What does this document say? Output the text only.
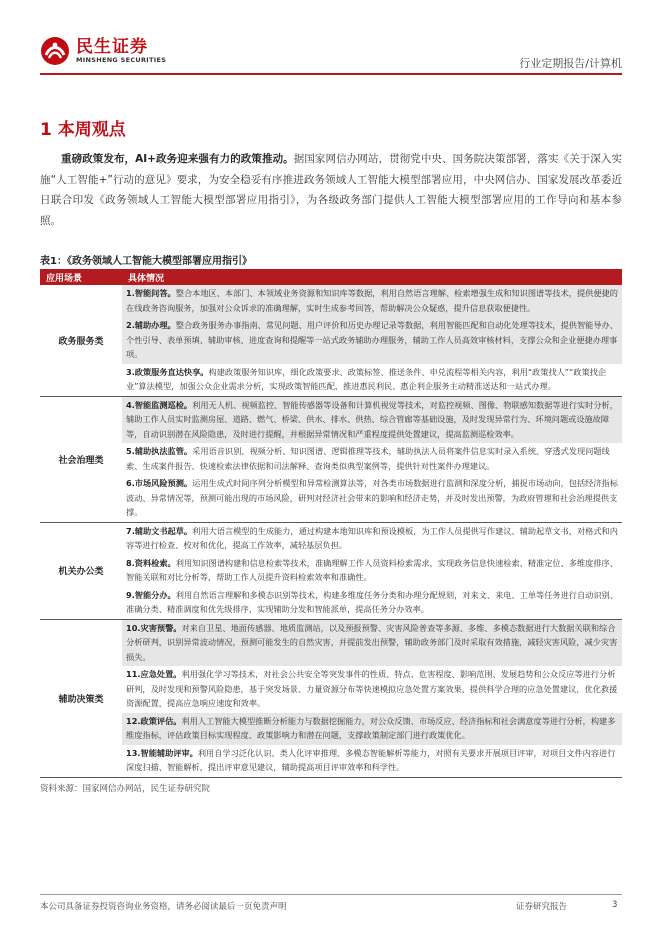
民生证券
MINSHENG SECURITIES	行业定期报告/计算机
1 本周观点
重磅政策发布，AI+政务迎来强有力的政策推动。据国家网信办网站，贯彻党中央、国务院决策部署，落实《关于深入实施“人工智能+”行动的意见》要求，为安全稳妥有序推进政务领域人工智能大模型部署应用，中央网信办、国家发展改革委近日联合印发《政务领域人工智能大模型部署应用指引》，为各级政务部门提供人工智能大模型部署应用的工作导向和基本参照。
表1：《政务领域人工智能大模型部署应用指引》
应用场景	具体情况
政务服务类	1.智能问答。整合本地区、本部门、本领域业务资源和知识库等数据，利用自然语言理解、检索增强生成和知识图谱等技术，提供便捷的在线政务咨询服务，加强对公众诉求的准确理解，实时生成参考回答，帮助解决公众疑惑，提升信息获取便捷性。

	2.辅助办理。整合政务服务办事指南、常见问题、用户评价和历史办理记录等数据，利用智能匹配和自动化处理等技术，提供智能导办、个性引导、表单预填、辅助审核、进度查询和提醒等一站式政务辅助办理服务，辅助工作人员高效审核材料，支撑公众和企业便捷办理事项。

	3.政策服务直达快享。构建政策服务知识库，细化政策要求、政策标签、推送条件、申兑流程等相关内容，利用“政策找人”“政策找企业”算法模型，加强公众企业需求分析，实现政策智能匹配，推进惠民利民、惠企利企服务主动精准送达和一站式办理。

社会治理类	4.智能监测巡检。利用无人机、视频监控、智能传感器等设备和计算机视觉等技术，对监控视频、图像、物联感知数据等进行实时分析，辅助工作人员实时监测房屋、道路、燃气、桥梁、供水、排水、供热、综合管廊等基础设施，及时发现异常行为、环境问题或设施故障等，自动识别潜在风险隐患，及时进行提醒，并根据异常情况和严重程度提供处置建议，提高监测巡检效率。

	5.辅助执法监管。采用语音识别、视频分析、知识图谱、逻辑推理等技术，辅助执法人员将案件信息实时录入系统、穿透式发现问题线索、生成案件报告、快速检索法律依据和司法解释、查询类似典型案例等，提供针对性案件办理建议。

	6.市场风险预测。运用生成式时间序列分析模型和异常检测算法等，对各类市场数据进行监测和深度分析，捕捉市场动向，包括经济指标波动、异常情况等，预测可能出现的市场风险，研判对经济社会带来的影响和经济走势，并及时发出预警，为政府管理和社会治理提供支撑。

机关办公类	7.辅助文书起草。利用大语言模型的生成能力，通过构建本地知识库和预设模板，为工作人员提供写作建议、辅助起草文书，对格式和内容等进行检查、校对和优化，提高工作效率，减轻基层负担。

	8.资料检索。利用知识图谱构建和信息检索等技术，准确理解工作人员资料检索需求，实现政务信息快速检索、精准定位、多维度排序、智能关联和对比分析等，帮助工作人员提升资料检索效率和准确性。

	9.智能分办。利用自然语言理解和多模态识别等技术，构建多维度任务分类和办理分配规则，对来文、来电、工单等任务进行自动识别、准确分类、精准调度和优先级排序，实现辅助分发和智能派单，提高任务分办效率。

辅助决策类	10.灾害预警。对来自卫星、地面传感器、地质监测站，以及预报预警、灾害风险普查等多源、多维、多模态数据进行大数据关联和综合分析研判，识别异常波动情况，预测可能发生的自然灾害，并提前发出预警，辅助政务部门及时采取有效措施，减轻灾害风险，减少灾害损失。

	11.应急处置。利用强化学习等技术，对社会公共安全等突发事件的性质、特点、危害程度、影响范围、发展趋势和公众反应等进行分析研判，及时发现和预警风险隐患，基于突发场景、力量资源分布等快速模拟应急处置方案效果，提供科学合理的应急处置建议，优化救援资源配置，提高应急响应速度和效率。

	12.政策评估。利用人工智能大模型推断分析能力与数据挖掘能力，对公众反馈、市场反应、经济指标和社会满意度等进行分析，构建多维度指标，评估政策目标实现程度、政策影响力和潜在问题，支撑政策制定部门进行政策优化。

	13.智能辅助评审。利用自学习泛化认识、类人化评审推理、多模态智能解析等能力，对照有关要求开展项目评审，对项目文件内容进行深度扫描、智能解析，提出评审意见建议，辅助提高项目评审效率和科学性。
资料来源：国家网信办网站，民生证券研究院
本公司具备证券投资咨询业务资格，请务必阅读最后一页免责声明	证券研究报告	3
